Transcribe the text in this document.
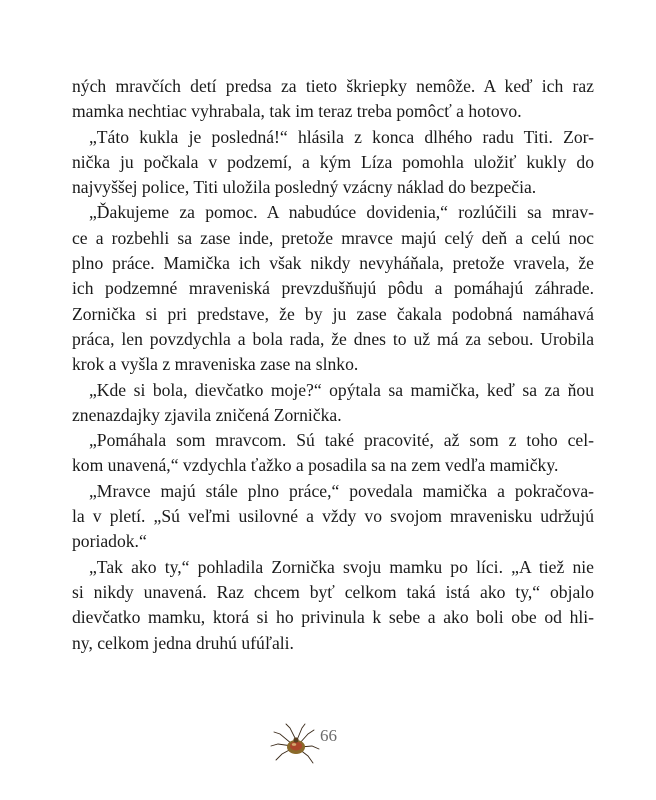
ných mravčích detí predsa za tieto škriepky nemôže. A keď ich raz
mamka nechtiac vyhrabala, tak im teraz treba pomôcť a hotovo.

„Táto kukla je posledná!“ hlásila z konca dlhého radu Titi. Zor-
nička ju počkala v podzemí, a kým Líza pomohla uložiť kukly do
najvyššej police, Titi uložila posledný vzácny náklad do bezpečia.

„Ďakujeme za pomoc. A nabudúce dovidenia,“ rozlúčili sa mrav-
ce a rozbehli sa zase inde, pretože mravce majú celý deň a celú noc
plno práce. Mamička ich však nikdy nevyháňala, pretože vravela, že
ich podzemné mraveniská prevzdušňujú pôdu a pomáhajú záhrade.
Zornička si pri predstave, že by ju zase čakala podobná namáhavá
práca, len povzdychla a bola rada, že dnes to už má za sebou. Urobila
krok a vyšla z mraveniska zase na slnko.

„Kde si bola, dievčatko moje?“ opýtala sa mamička, keď sa za ňou
znenazdajky zjavila zničená Zornička.

„Pomáhala som mravcom. Sú také pracovité, až som z toho cel-
kom unavená,“ vzdychla ťažko a posadila sa na zem vedľa mamičky.

„Mravce majú stále plno práce,“ povedala mamička a pokračova-
la v pletí. „Sú veľmi usilovné a vždy vo svojom mravenisku udržujú
poriadok.“

„Tak ako ty,“ pohladila Zornička svoju mamku po líci. „A tiež nie
si nikdy unavená. Raz chcem byť celkom taká istá ako ty,“ objalo
dievčatko mamku, ktorá si ho privinula k sebe a ako boli obe od hli-
ny, celkom jedna druhú ufúľali.

66
